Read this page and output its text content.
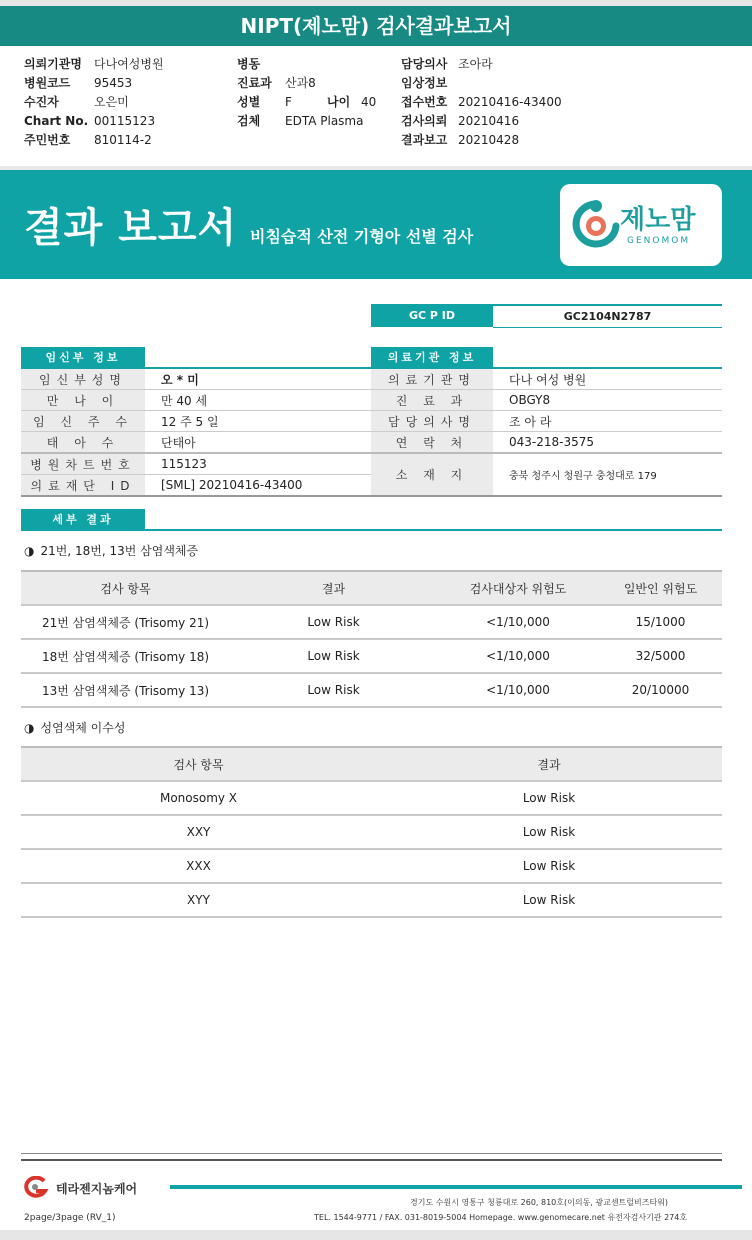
NIPT(제노맘) 검사결과보고서
의뢰기관명 다나여성병원
병원코드 95453
수진자	오은미
Chart No. 00115123
주민번호 810114-2
병동
진료과 산과8
성별 F	나이 40
검체 EDTA Plasma
담당의사 조아라
임상정보
접수번호 20210416-43400
검사의뢰 20210416
결과보고 20210428
결과 보고서 비침습적 산전 기형아 선별 검사
제노맘
GENOMOM
GC P ID	GC2104N2787
임신부 정보
임신부성명	오 * 미
만 나 이	만 40 세
임 신 주 수	12 주 5 일
태 아 수	단태아
병원차트번호	115123
의료재단 ID	[SML] 20210416-43400
의료기관 정보
의료기관명	다나 여성 병원
진 료 과	OBGY8
담당의사명	조 아 라
연 락 처	043-218-3575
소 재 지	충북 청주시 청원구 충청대로 179
세부 결과
◑ 21번, 18번, 13번 삼염색체증
검사 항목	결과	검사대상자 위험도	일반인 위험도
21번 삼염색체증 (Trisomy 21)	Low Risk	<1/10,000	15/1000
18번 삼염색체증 (Trisomy 18)	Low Risk	<1/10,000	32/5000
13번 삼염색체증 (Trisomy 13)	Low Risk	<1/10,000	20/10000
◑ 성염색체 이수성
검사 항목	결과
Monosomy X	Low Risk
XXY	Low Risk
XXX	Low Risk
XYY	Low Risk
테라젠지놈케어
경기도 수원시 영통구 청룡대로 260, 810호(이의동, 광교센트럴비즈타워)
TEL. 1544-9771 / FAX. 031-8019-5004 Homepage. www.genomecare.net 유전자검사기관 274호
2page/3page (RV_1)
